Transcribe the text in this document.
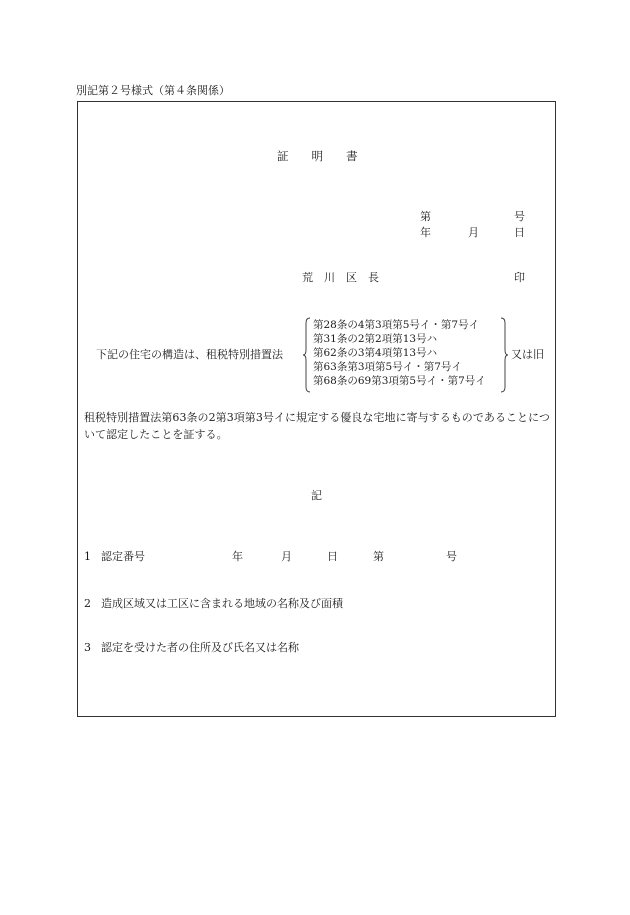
別記第２号様式（第４条関係）
証　　明　　書
第	号
年	月	日
荒　川　区　長	印
下記の住宅の構造は、租税特別措置法
第28条の4第3項第5号イ・第7号イ
第31条の2第2項第13号ハ
第62条の3第4項第13号ハ
第63条第3項第5号イ・第7号イ
第68条の69第3項第5号イ・第7号イ
又は旧
租税特別措置法第63条の2第3項第3号イに規定する優良な宅地に寄与するものであることについて認定したことを証する。
記
1 認定番号	年	月	日	第	号
2 造成区域又は工区に含まれる地域の名称及び面積
3 認定を受けた者の住所及び氏名又は名称
